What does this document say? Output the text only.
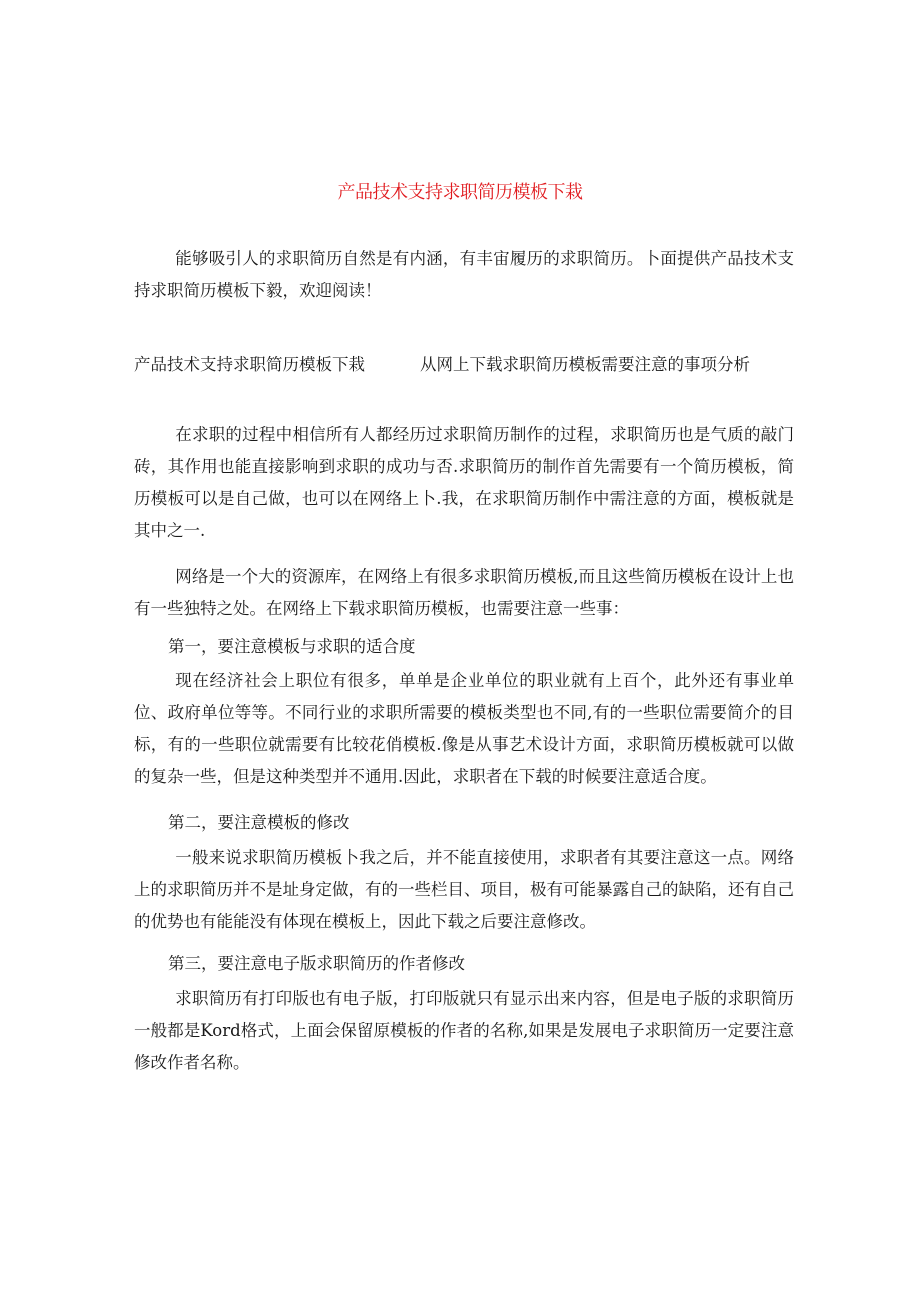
产品技术支持求职简历模板下栽

能够吸引人的求职简历自然是有内涵，有丰宙履历的求职简历。卜面提供产品技术支持求职简历模板下毅，欢迎阅读！

产品技术支持求职简历模板下栽	从网上下载求职简历模板需要注意的事项分析

在求职的过程中相信所有人都经历过求职简历制作的过程，求职简历也是气质的敲门砖，其作用也能直接影响到求职的成功与否.求职简历的制作首先需要有一个简历模板，简历模板可以是自己做，也可以在网络上卜.我，在求职简历制作中需注意的方面，模板就是其中之一.

网络是一个大的资源库，在网络上有很多求职简历模板,而且这些简历模板在设计上也有一些独特之处。在网络上下载求职简历模板，也需要注意一些事：

第一，要注意模板与求职的适合度

现在经济社会上职位有很多，单单是企业单位的职业就有上百个，此外还有事业单位、政府单位等等。不同行业的求职所需要的模板类型也不同,有的一些职位需要简介的目标，有的一些职位就需要有比较花俏模板.像是从事艺术设计方面，求职简历模板就可以做的复杂一些，但是这种类型并不通用.因此，求职者在下载的时候要注意适合度。

第二，要注意模板的修改

一般来说求职简历模板卜我之后，并不能直接使用，求职者有其要注意这一点。网络上的求职简历并不是址身定做，有的一些栏目、项目，极有可能暴露自己的缺陷，还有自己的优势也有能能没有体现在模板上，因此下载之后要注意修改。

第三，要注意电子版求职简历的作者修改

求职简历有打印版也有电子版，打印版就只有显示出来内容，但是电子版的求职简历一般都是Kord格式，上面会保留原模板的作者的名称,如果是发展电子求职简历一定要注意修改作者名称。
